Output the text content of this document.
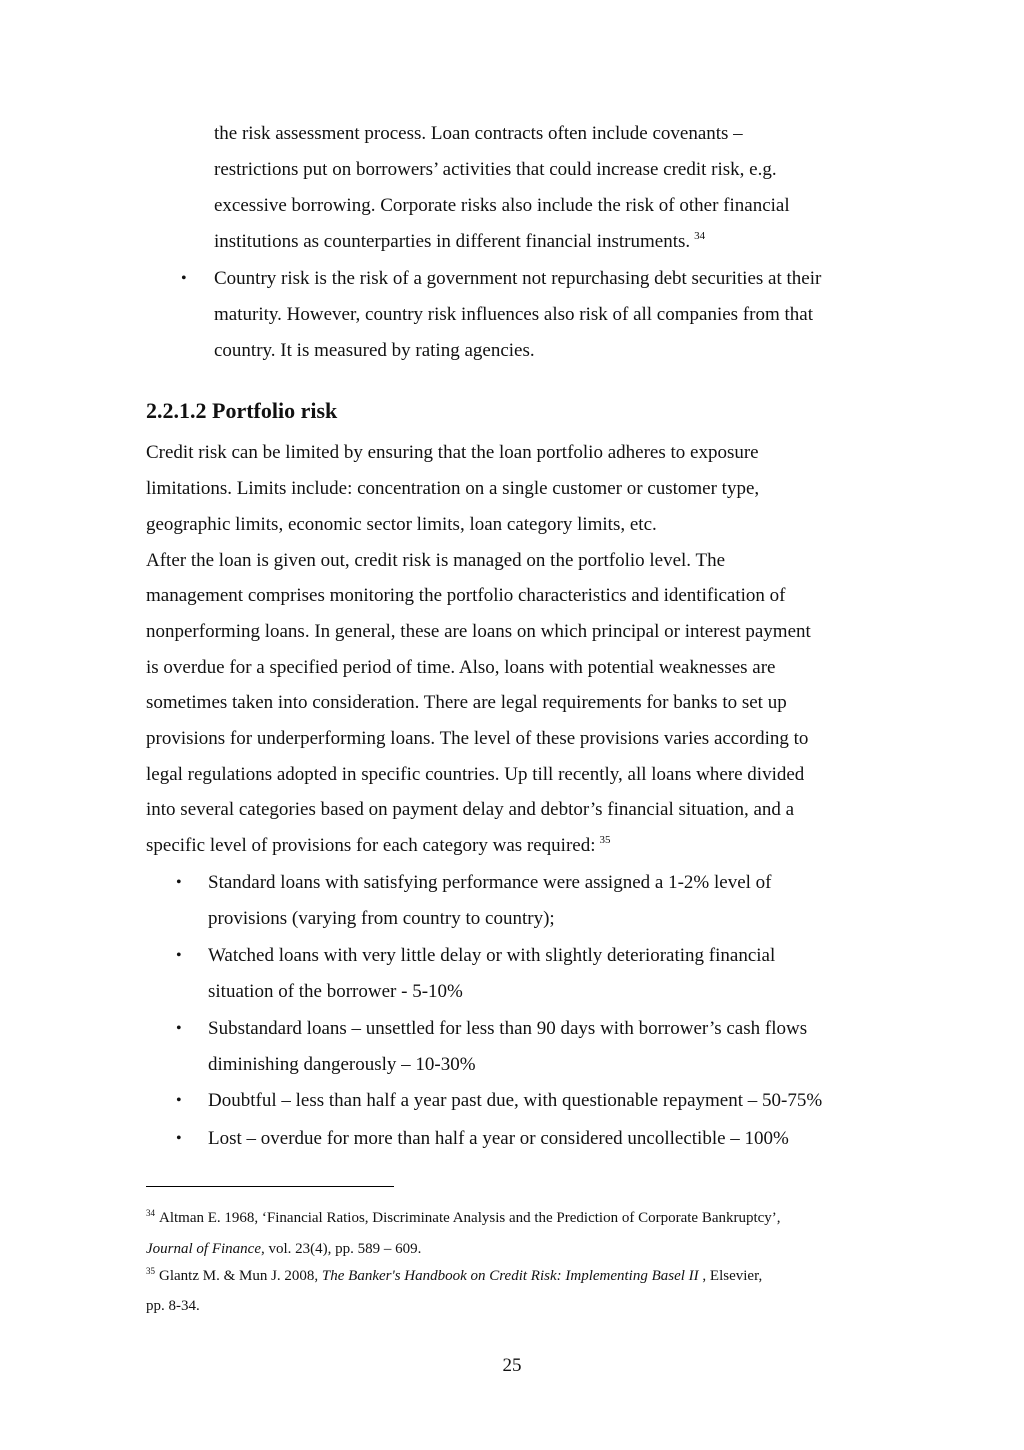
the risk assessment process. Loan contracts often include covenants –
restrictions put on borrowers’ activities that could increase credit risk, e.g.
excessive borrowing. Corporate risks also include the risk of other financial
institutions as counterparties in different financial instruments. $^{34}$
• Country risk is the risk of a government not repurchasing debt securities at their
maturity. However, country risk influences also risk of all companies from that
country. It is measured by rating agencies.
2.2.1.2 Portfolio risk
Credit risk can be limited by ensuring that the loan portfolio adheres to exposure
limitations. Limits include: concentration on a single customer or customer type,
geographic limits, economic sector limits, loan category limits, etc.
After the loan is given out, credit risk is managed on the portfolio level. The
management comprises monitoring the portfolio characteristics and identification of
nonperforming loans. In general, these are loans on which principal or interest payment
is overdue for a specified period of time. Also, loans with potential weaknesses are
sometimes taken into consideration. There are legal requirements for banks to set up
provisions for underperforming loans. The level of these provisions varies according to
legal regulations adopted in specific countries. Up till recently, all loans where divided
into several categories based on payment delay and debtor’s financial situation, and a
specific level of provisions for each category was required: $^{35}$
• Standard loans with satisfying performance were assigned a 1-2% level of
provisions (varying from country to country);
• Watched loans with very little delay or with slightly deteriorating financial
situation of the borrower - 5-10%
• Substandard loans – unsettled for less than 90 days with borrower’s cash flows
diminishing dangerously – 10-30%
• Doubtful – less than half a year past due, with questionable repayment – 50-75%
• Lost – overdue for more than half a year or considered uncollectible – 100%
$^{34}$ Altman E. 1968, ‘Financial Ratios, Discriminate Analysis and the Prediction of Corporate Bankruptcy’,
Journal of Finance, vol. 23(4), pp. 589 – 609.
$^{35}$ Glantz M. & Mun J. 2008, The Banker's Handbook on Credit Risk: Implementing Basel II , Elsevier,
pp. 8-34.
25
